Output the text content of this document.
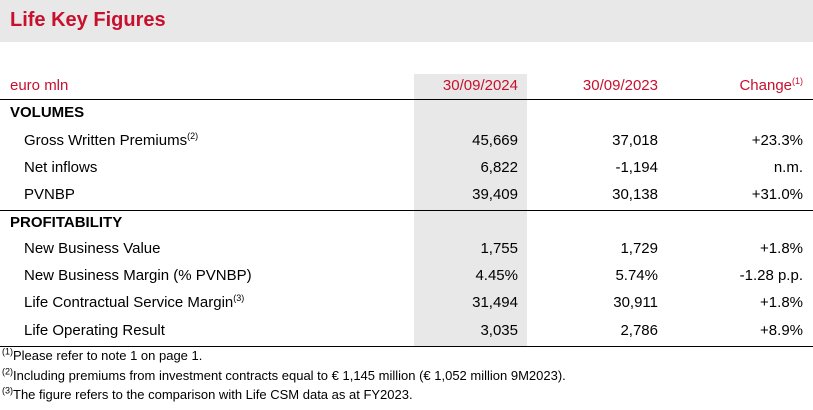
Life Key Figures
euro mln	30/09/2024	30/09/2023	Change$^{(1)}$
VOLUMES
Gross Written Premiums$^{(2)}$	45,669	37,018	+23.3%
Net inflows	6,822	-1,194	n.m.
PVNBP	39,409	30,138	+31.0%
PROFITABILITY
New Business Value	1,755	1,729	+1.8%
New Business Margin (% PVNBP)	4.45%	5.74%	-1.28 p.p.
Life Contractual Service Margin$^{(3)}$	31,494	30,911	+1.8%
Life Operating Result	3,035	2,786	+8.9%
$^{(1)}$Please refer to note 1 on page 1.
$^{(2)}$Including premiums from investment contracts equal to € 1,145 million (€ 1,052 million 9M2023).
$^{(3)}$The figure refers to the comparison with Life CSM data as at FY2023.
